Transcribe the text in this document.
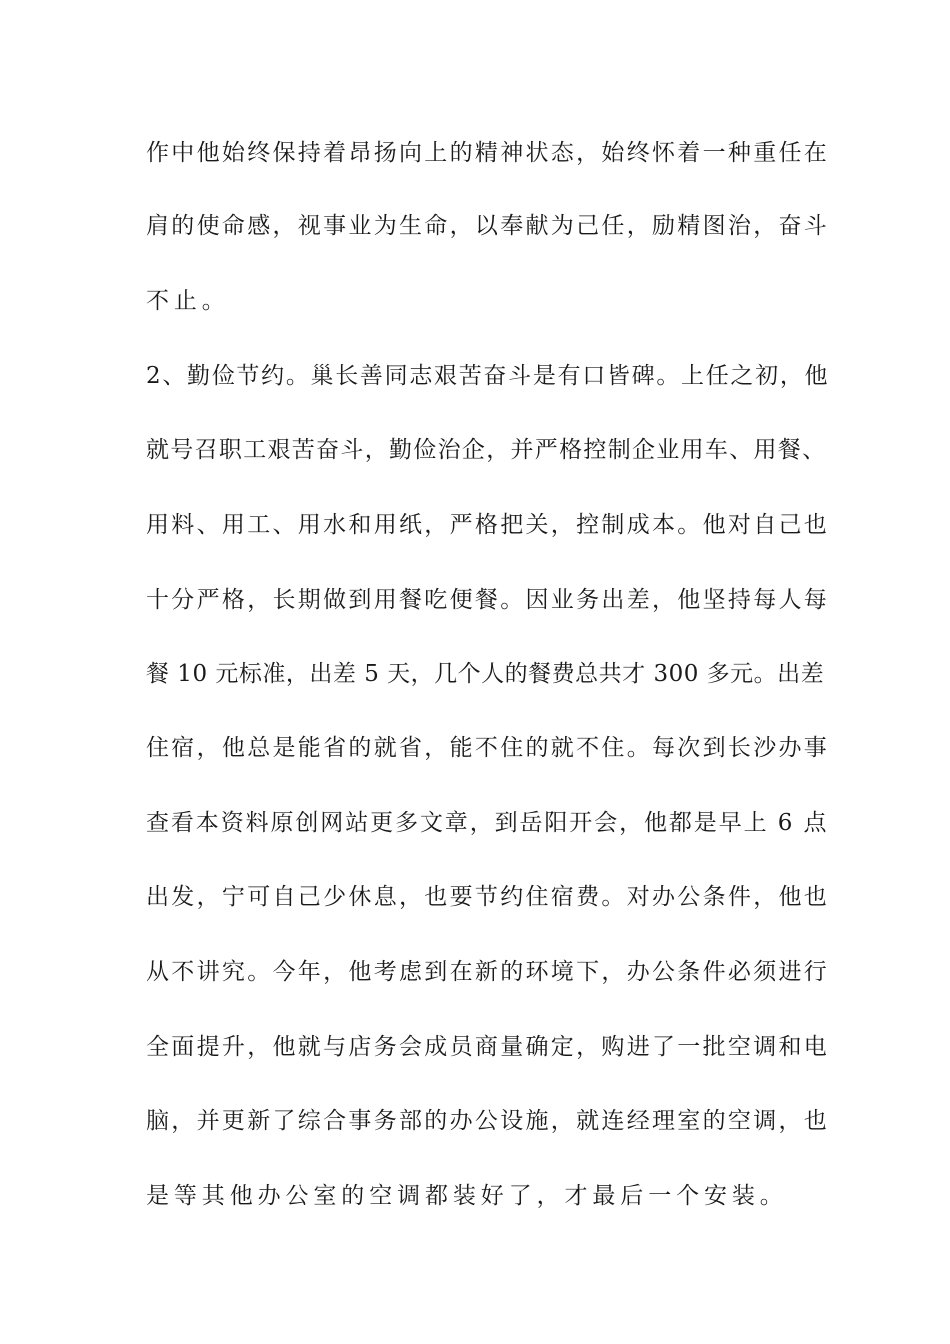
作中他始终保持着昂扬向上的精神状态，始终怀着一种重任在
肩的使命感，视事业为生命，以奉献为己任，励精图治，奋斗
不止。
2、勤俭节约。巢长善同志艰苦奋斗是有口皆碑。上任之初，他
就号召职工艰苦奋斗，勤俭治企，并严格控制企业用车、用餐、
用料、用工、用水和用纸，严格把关，控制成本。他对自己也
十分严格，长期做到用餐吃便餐。因业务出差，他坚持每人每
餐 10 元标准，出差 5 天，几个人的餐费总共才 300 多元。出差
住宿，他总是能省的就省，能不住的就不住。每次到长沙办事
查看本资料原创网站更多文章，到岳阳开会，他都是早上 6 点
出发，宁可自己少休息，也要节约住宿费。对办公条件，他也
从不讲究。今年，他考虑到在新的环境下，办公条件必须进行
全面提升，他就与店务会成员商量确定，购进了一批空调和电
脑，并更新了综合事务部的办公设施，就连经理室的空调，也
是等其他办公室的空调都装好了，才最后一个安装。
